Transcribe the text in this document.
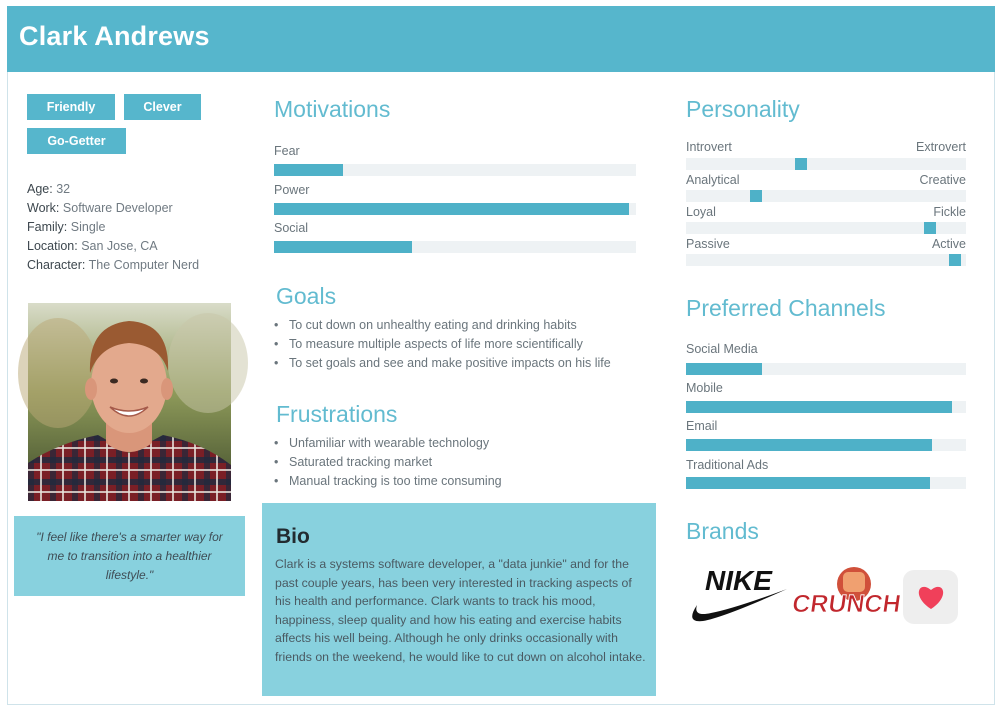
Clark Andrews
Friendly	Clever
Go-Getter
Age: 32
Work: Software Developer
Family: Single
Location: San Jose, CA
Character: The Computer Nerd
"I feel like there's a smarter way for me to transition into a healthier lifestyle."
Motivations
Fear
Power
Social
Goals
• To cut down on unhealthy eating and drinking habits
• To measure multiple aspects of life more scientifically
• To set goals and see and make positive impacts on his life
Frustrations
• Unfamiliar with wearable technology
• Saturated tracking market
• Manual tracking is too time consuming
Bio

Clark is a systems software developer, a "data junkie" and for the past couple years, has been very interested in tracking aspects of his health and performance. Clark wants to track his mood, happiness, sleep quality and how his eating and exercise habits affects his well being. Although he only drinks occasionally with friends on the weekend, he would like to cut down on alcohol intake.

Personality
Introvert	Extrovert
Analytical	Creative
Loyal	Fickle
Passive	Active
Preferred Channels
Social Media
Mobile
Email
Traditional Ads
Brands
NIKE
CRUNCH
